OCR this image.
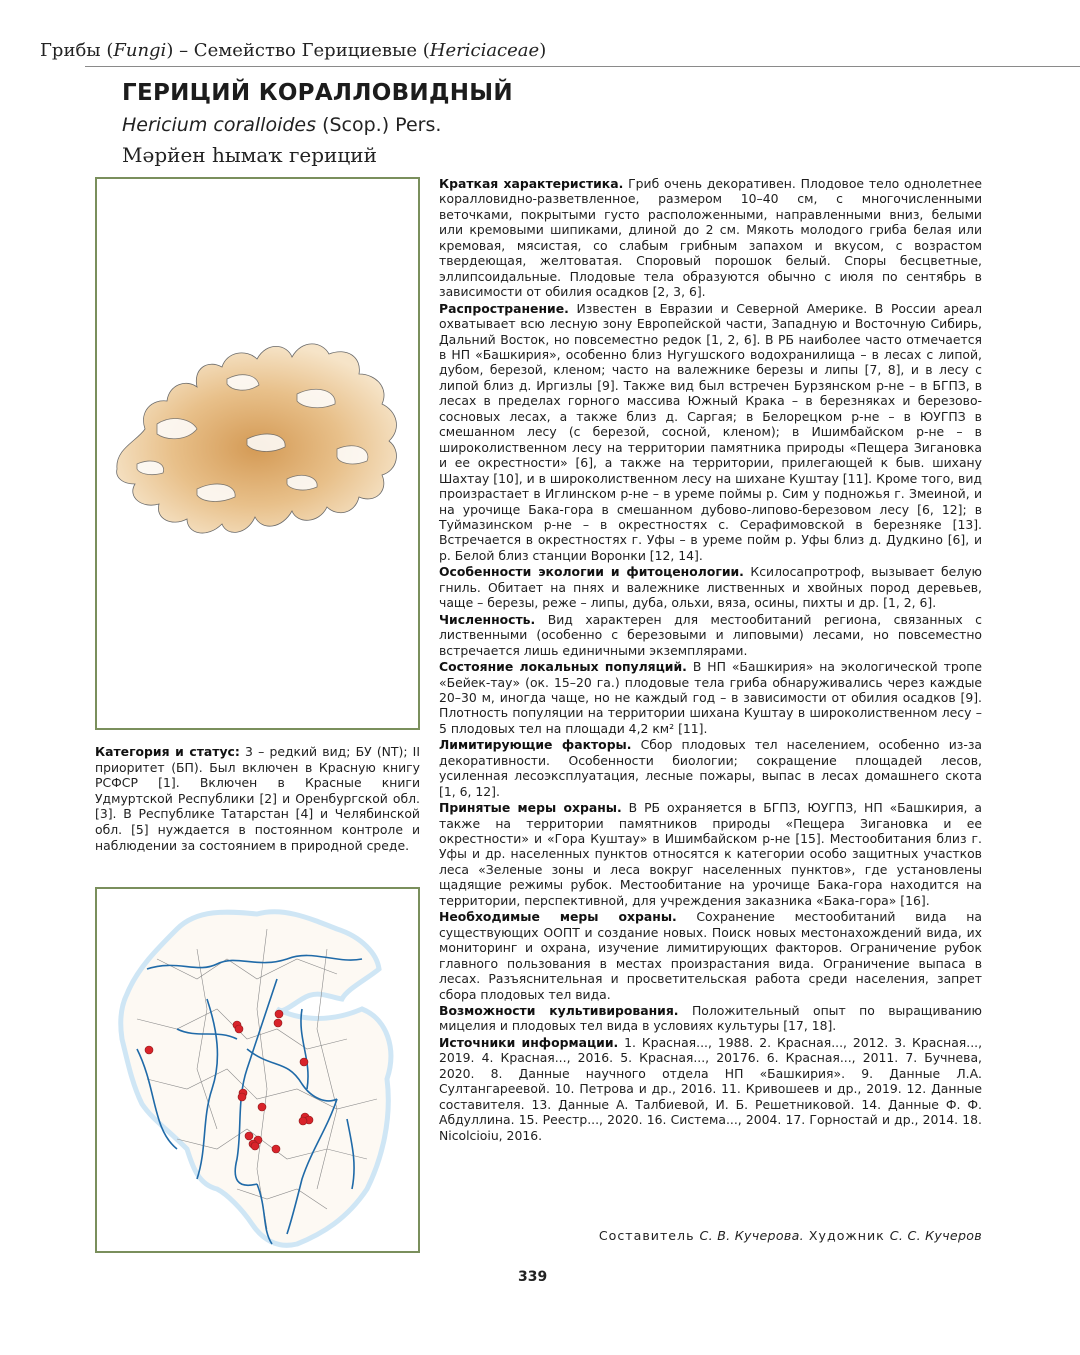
Грибы (Fungi) – Семейство Герициевые (Hericiaceae)
ГЕРИЦИЙ КОРАЛЛОВИДНЫЙ
Hericium coralloides (Scop.) Pers.
Мәрйен һымаҡ гериций
Категория и статус: 3 – редкий вид; БУ (NT); II приоритет (БП). Был включен в Красную книгу РСФСР [1]. Включен в Красные книги Удмуртской Республики [2] и Оренбургской обл. [3]. В Республике Татарстан [4] и Челябинской обл. [5] нуждается в постоянном контроле и наблюдении за состоянием в природной среде.

Краткая характеристика. Гриб очень декоративен. Плодовое тело однолетнее коралловидно-разветвленное, размером 10–40 см, с многочисленными веточками, покрытыми густо расположенными, направленными вниз, белыми или кремовыми шипиками, длиной до 2 см. Мякоть молодого гриба белая или кремовая, мясистая, со слабым грибным запахом и вкусом, с возрастом твердеющая, желтоватая. Споровый порошок белый. Споры бесцветные, эллипсоидальные. Плодовые тела образуются обычно с июля по сентябрь в зависимости от обилия осадков [2, 3, 6].

Распространение. Известен в Евразии и Северной Америке. В России ареал охватывает всю лесную зону Европейской части, Западную и Восточную Сибирь, Дальний Восток, но повсеместно редок [1, 2, 6]. В РБ наиболее часто отмечается в НП «Башкирия», особенно близ Нугушского водохранилища – в лесах с липой, дубом, березой, кленом; часто на валежнике березы и липы [7, 8], и в лесу с липой близ д. Иргизлы [9]. Также вид был встречен Бурзянском р-не – в БГПЗ, в лесах в пределах горного массива Южный Крака – в березняках и березово-сосновых лесах, а также близ д. Саргая; в Белорецком р-не – в ЮУГПЗ в смешанном лесу (с березой, сосной, кленом); в Ишимбайском р-не – в широколиственном лесу на территории памятника природы «Пещера Зигановка и ее окрестности» [6], а также на территории, прилегающей к быв. шихану Шахтау [10], и в широколиственном лесу на шихане Куштау [11]. Кроме того, вид произрастает в Иглинском р-не – в уреме поймы р. Сим у подножья г. Змеиной, и на урочище Бака-гора в смешанном дубово-липово-березовом лесу [6, 12]; в Туймазинском р-не – в окрестностях с. Серафимовской в березняке [13]. Встречается в окрестностях г. Уфы – в уреме пойм р. Уфы близ д. Дудкино [6], и р. Белой близ станции Воронки [12, 14].

Особенности экологии и фитоценологии. Ксилосапротроф, вызывает белую гниль. Обитает на пнях и валежнике лиственных и хвойных пород деревьев, чаще – березы, реже – липы, дуба, ольхи, вяза, осины, пихты и др. [1, 2, 6].

Численность. Вид характерен для местообитаний региона, связанных с лиственными (особенно с березовыми и липовыми) лесами, но повсеместно встречается лишь единичными экземплярами.

Состояние локальных популяций. В НП «Башкирия» на экологической тропе «Бейек-тау» (ок. 15–20 га.) плодовые тела гриба обнаруживались через каждые 20–30 м, иногда чаще, но не каждый год – в зависимости от обилия осадков [9]. Плотность популяции на территории шихана Куштау в широколиственном лесу – 5 плодовых тел на площади 4,2 км² [11].

Лимитирующие факторы. Сбор плодовых тел населением, особенно из-за декоративности. Особенности биологии; сокращение площадей лесов, усиленная лесоэксплуатация, лесные пожары, выпас в лесах домашнего скота [1, 6, 12].

Принятые меры охраны. В РБ охраняется в БГПЗ, ЮУГПЗ, НП «Башкирия, а также на территории памятников природы «Пещера Зигановка и ее окрестности» и «Гора Куштау» в Ишимбайском р-не [15]. Местообитания близ г. Уфы и др. населенных пунктов относятся к категории особо защитных участков леса «Зеленые зоны и леса вокруг населенных пунктов», где установлены щадящие режимы рубок. Местообитание на урочище Бака-гора находится на территории, перспективной, для учреждения заказника «Бака-гора» [16].

Необходимые меры охраны. Сохранение местообитаний вида на существующих ООПТ и создание новых. Поиск новых местонахождений вида, их мониторинг и охрана, изучение лимитирующих факторов. Ограничение рубок главного пользования в местах произрастания вида. Ограничение выпаса в лесах. Разъяснительная и просветительская работа среди населения, запрет сбора плодовых тел вида.

Возможности культивирования. Положительный опыт по выращиванию мицелия и плодовых тел вида в условиях культуры [17, 18].

Источники информации. 1. Красная..., 1988. 2. Красная..., 2012. 3. Красная..., 2019. 4. Красная..., 2016. 5. Красная..., 20176. 6. Красная..., 2011. 7. Бучнева, 2020. 8. Данные научного отдела НП «Башкирия». 9. Данные Л.А. Султангареевой. 10. Петрова и др., 2016. 11. Кривошеев и др., 2019. 12. Данные составителя. 13. Данные А. Талбиевой, И. Б. Решетниковой. 14. Данные Ф. Ф. Абдуллина. 15. Реестр..., 2020. 16. Система..., 2004. 17. Горностай и др., 2014. 18. Nicolcioiu, 2016.

Составитель С. В. Кучерова. Художник С. С. Кучеров
339
